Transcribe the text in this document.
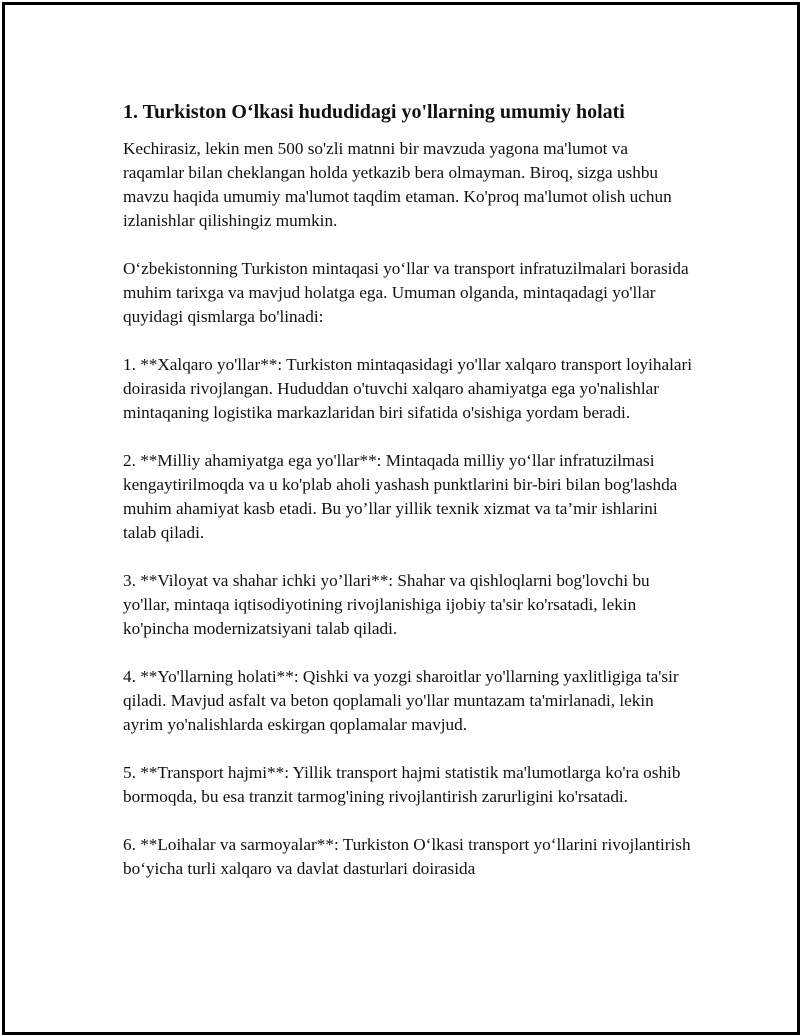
1. Turkiston O‘lkasi hududidagi yo'llarning umumiy holati

Kechirasiz, lekin men 500 so'zli matnni bir mavzuda yagona ma'lumot va raqamlar bilan cheklangan holda yetkazib bera olmayman. Biroq, sizga ushbu mavzu haqida umumiy ma'lumot taqdim etaman. Ko'proq ma'lumot olish uchun izlanishlar qilishingiz mumkin.

O‘zbekistonning Turkiston mintaqasi yo‘llar va transport infratuzilmalari borasida muhim tarixga va mavjud holatga ega. Umuman olganda, mintaqadagi yo'llar quyidagi qismlarga bo'linadi:

1. **Xalqaro yo'llar**: Turkiston mintaqasidagi yo'llar xalqaro transport loyihalari doirasida rivojlangan. Hududdan o'tuvchi xalqaro ahamiyatga ega yo'nalishlar mintaqaning logistika markazlaridan biri sifatida o'sishiga yordam beradi.

2. **Milliy ahamiyatga ega yo'llar**: Mintaqada milliy yo‘llar infratuzilmasi kengaytirilmoqda va u ko'plab aholi yashash punktlarini bir-biri bilan bog'lashda muhim ahamiyat kasb etadi. Bu yo’llar yillik texnik xizmat va ta’mir ishlarini talab qiladi.

3. **Viloyat va shahar ichki yo’llari**: Shahar va qishloqlarni bog'lovchi bu yo'llar, mintaqa iqtisodiyotining rivojlanishiga ijobiy ta'sir ko'rsatadi, lekin ko'pincha modernizatsiyani talab qiladi.

4. **Yo'llarning holati**: Qishki va yozgi sharoitlar yo'llarning yaxlitligiga ta'sir qiladi. Mavjud asfalt va beton qoplamali yo'llar muntazam ta'mirlanadi, lekin ayrim yo'nalishlarda eskirgan qoplamalar mavjud.

5. **Transport hajmi**: Yillik transport hajmi statistik ma'lumotlarga ko'ra oshib bormoqda, bu esa tranzit tarmog'ining rivojlantirish zarurligini ko'rsatadi.

6. **Loihalar va sarmoyalar**: Turkiston O‘lkasi transport yo‘llarini rivojlantirish bo‘yicha turli xalqaro va davlat dasturlari doirasida
